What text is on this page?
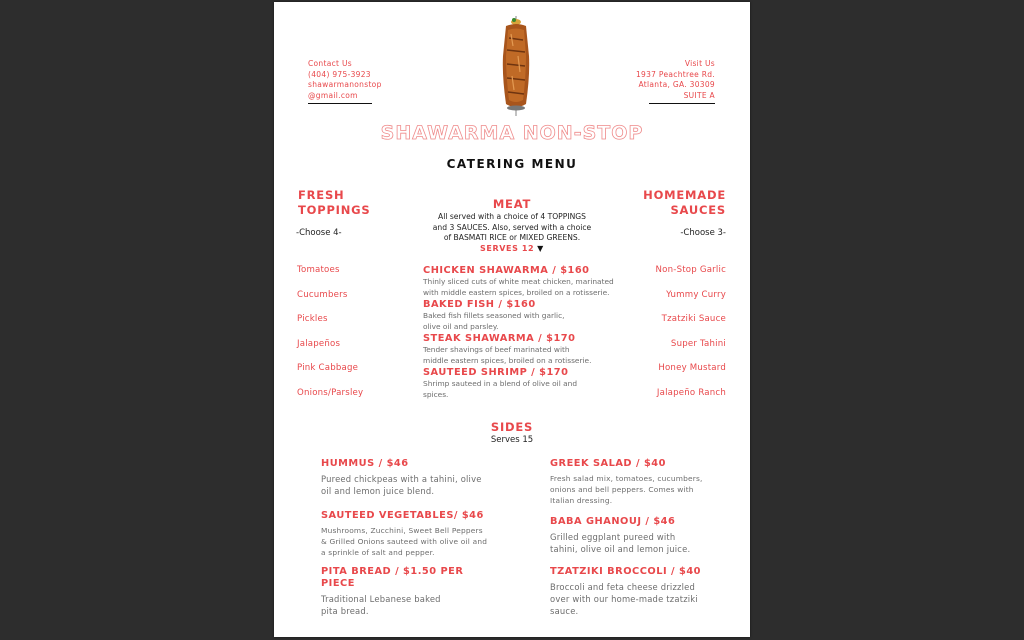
Contact Us
(404) 975-3923
shawarmanonstop
@gmail.com
Visit Us
1937 Peachtree Rd.
Atlanta, GA. 30309
SUITE A
SHAWARMA NON-STOP
CATERING MENU
FRESH
TOPPINGS
-Choose 4-
HOMEMADE
SAUCES
-Choose 3-
MEAT
All served with a choice of 4 TOPPINGS
and 3 SAUCES. Also, served with a choice
of BASMATI RICE or MIXED GREENS.
SERVES 12 ▼
Tomatoes
Cucumbers
Pickles
Jalapeños
Pink Cabbage
Onions/Parsley
CHICKEN SHAWARMA / $160
Thinly sliced cuts of white meat chicken, marinated
with middle eastern spices, broiled on a rotisserie.
BAKED FISH / $160
Baked fish fillets seasoned with garlic,
olive oil and parsley.
STEAK SHAWARMA / $170
Tender shavings of beef marinated with
middle eastern spices, broiled on a rotisserie.
SAUTEED SHRIMP / $170
Shrimp sauteed in a blend of olive oil and
spices.
Non-Stop Garlic
Yummy Curry
Tzatziki Sauce
Super Tahini
Honey Mustard
Jalapeño Ranch
SIDES
Serves 15
HUMMUS / $46
Pureed chickpeas with a tahini, olive
oil and lemon juice blend.
SAUTEED VEGETABLES/ $46
Mushrooms, Zucchini, Sweet Bell Peppers
& Grilled Onions sauteed with olive oil and
a sprinkle of salt and pepper.
PITA BREAD / $1.50 PER PIECE
Traditional Lebanese baked
pita bread.
GREEK SALAD / $40
Fresh salad mix, tomatoes, cucumbers,
onions and bell peppers. Comes with
Italian dressing.
BABA GHANOUJ / $46
Grilled eggplant pureed with
tahini, olive oil and lemon juice.
TZATZIKI BROCCOLI / $40
Broccoli and feta cheese drizzled
over with our home-made tzatziki
sauce.
